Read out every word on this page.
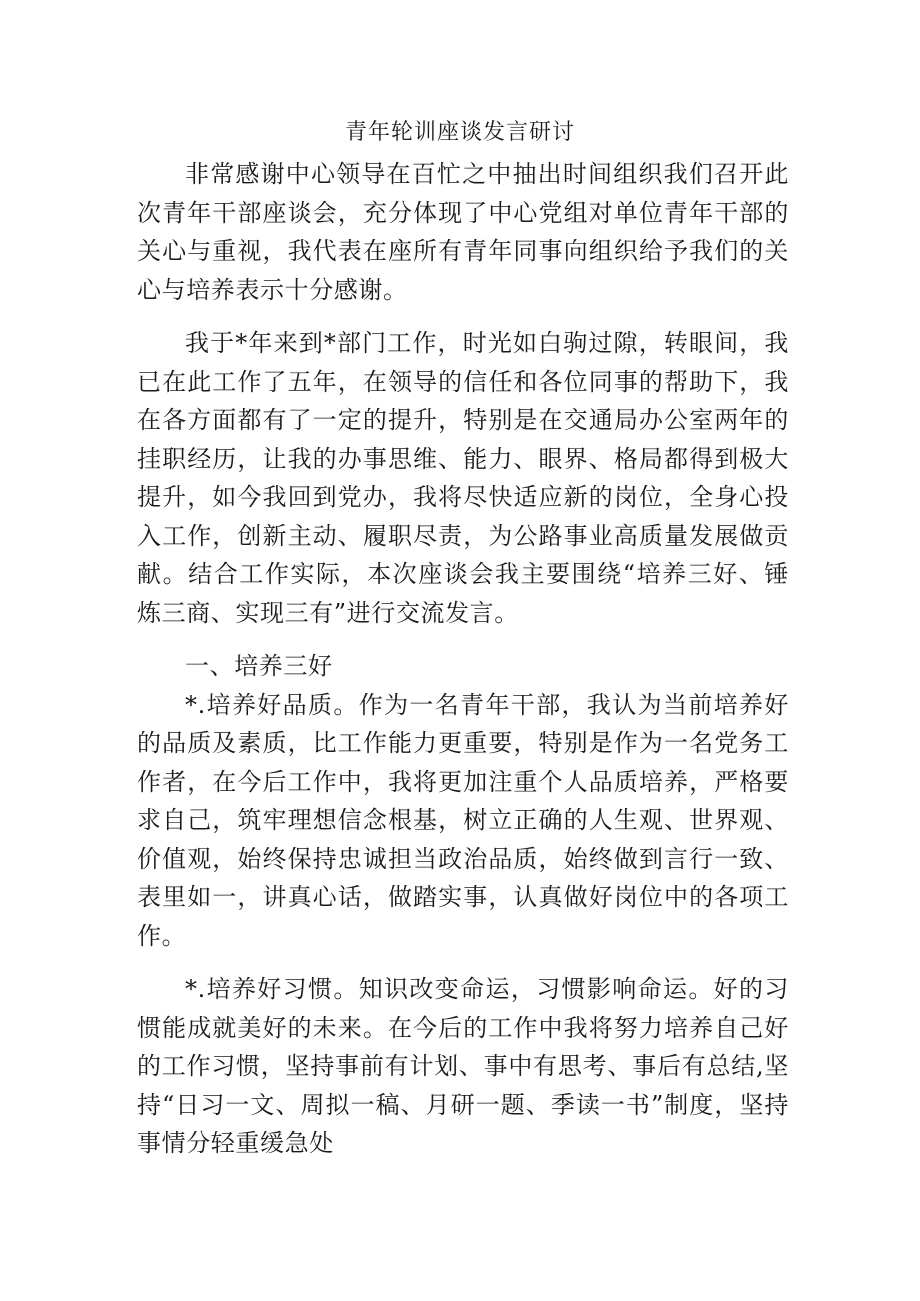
青年轮训座谈发言研讨

非常感谢中心领导在百忙之中抽出时间组织我们召开此次青年干部座谈会，充分体现了中心党组对单位青年干部的关心与重视，我代表在座所有青年同事向组织给予我们的关心与培养表示十分感谢。

我于*年来到*部门工作，时光如白驹过隙，转眼间，我已在此工作了五年，在领导的信任和各位同事的帮助下，我在各方面都有了一定的提升，特别是在交通局办公室两年的挂职经历，让我的办事思维、能力、眼界、格局都得到极大提升，如今我回到党办，我将尽快适应新的岗位，全身心投入工作，创新主动、履职尽责，为公路事业高质量发展做贡献。结合工作实际，本次座谈会我主要围绕“培养三好、锤炼三商、实现三有”进行交流发言。

一、培养三好

*.培养好品质。作为一名青年干部，我认为当前培养好的品质及素质，比工作能力更重要，特别是作为一名党务工作者，在今后工作中，我将更加注重个人品质培养，严格要求自己，筑牢理想信念根基，树立正确的人生观、世界观、价值观，始终保持忠诚担当政治品质，始终做到言行一致、表里如一，讲真心话，做踏实事，认真做好岗位中的各项工作。

*.培养好习惯。知识改变命运，习惯影响命运。好的习惯能成就美好的未来。在今后的工作中我将努力培养自己好的工作习惯，坚持事前有计划、事中有思考、事后有总结,坚持“日习一文、周拟一稿、月研一题、季读一书”制度，坚持事情分轻重缓急处
